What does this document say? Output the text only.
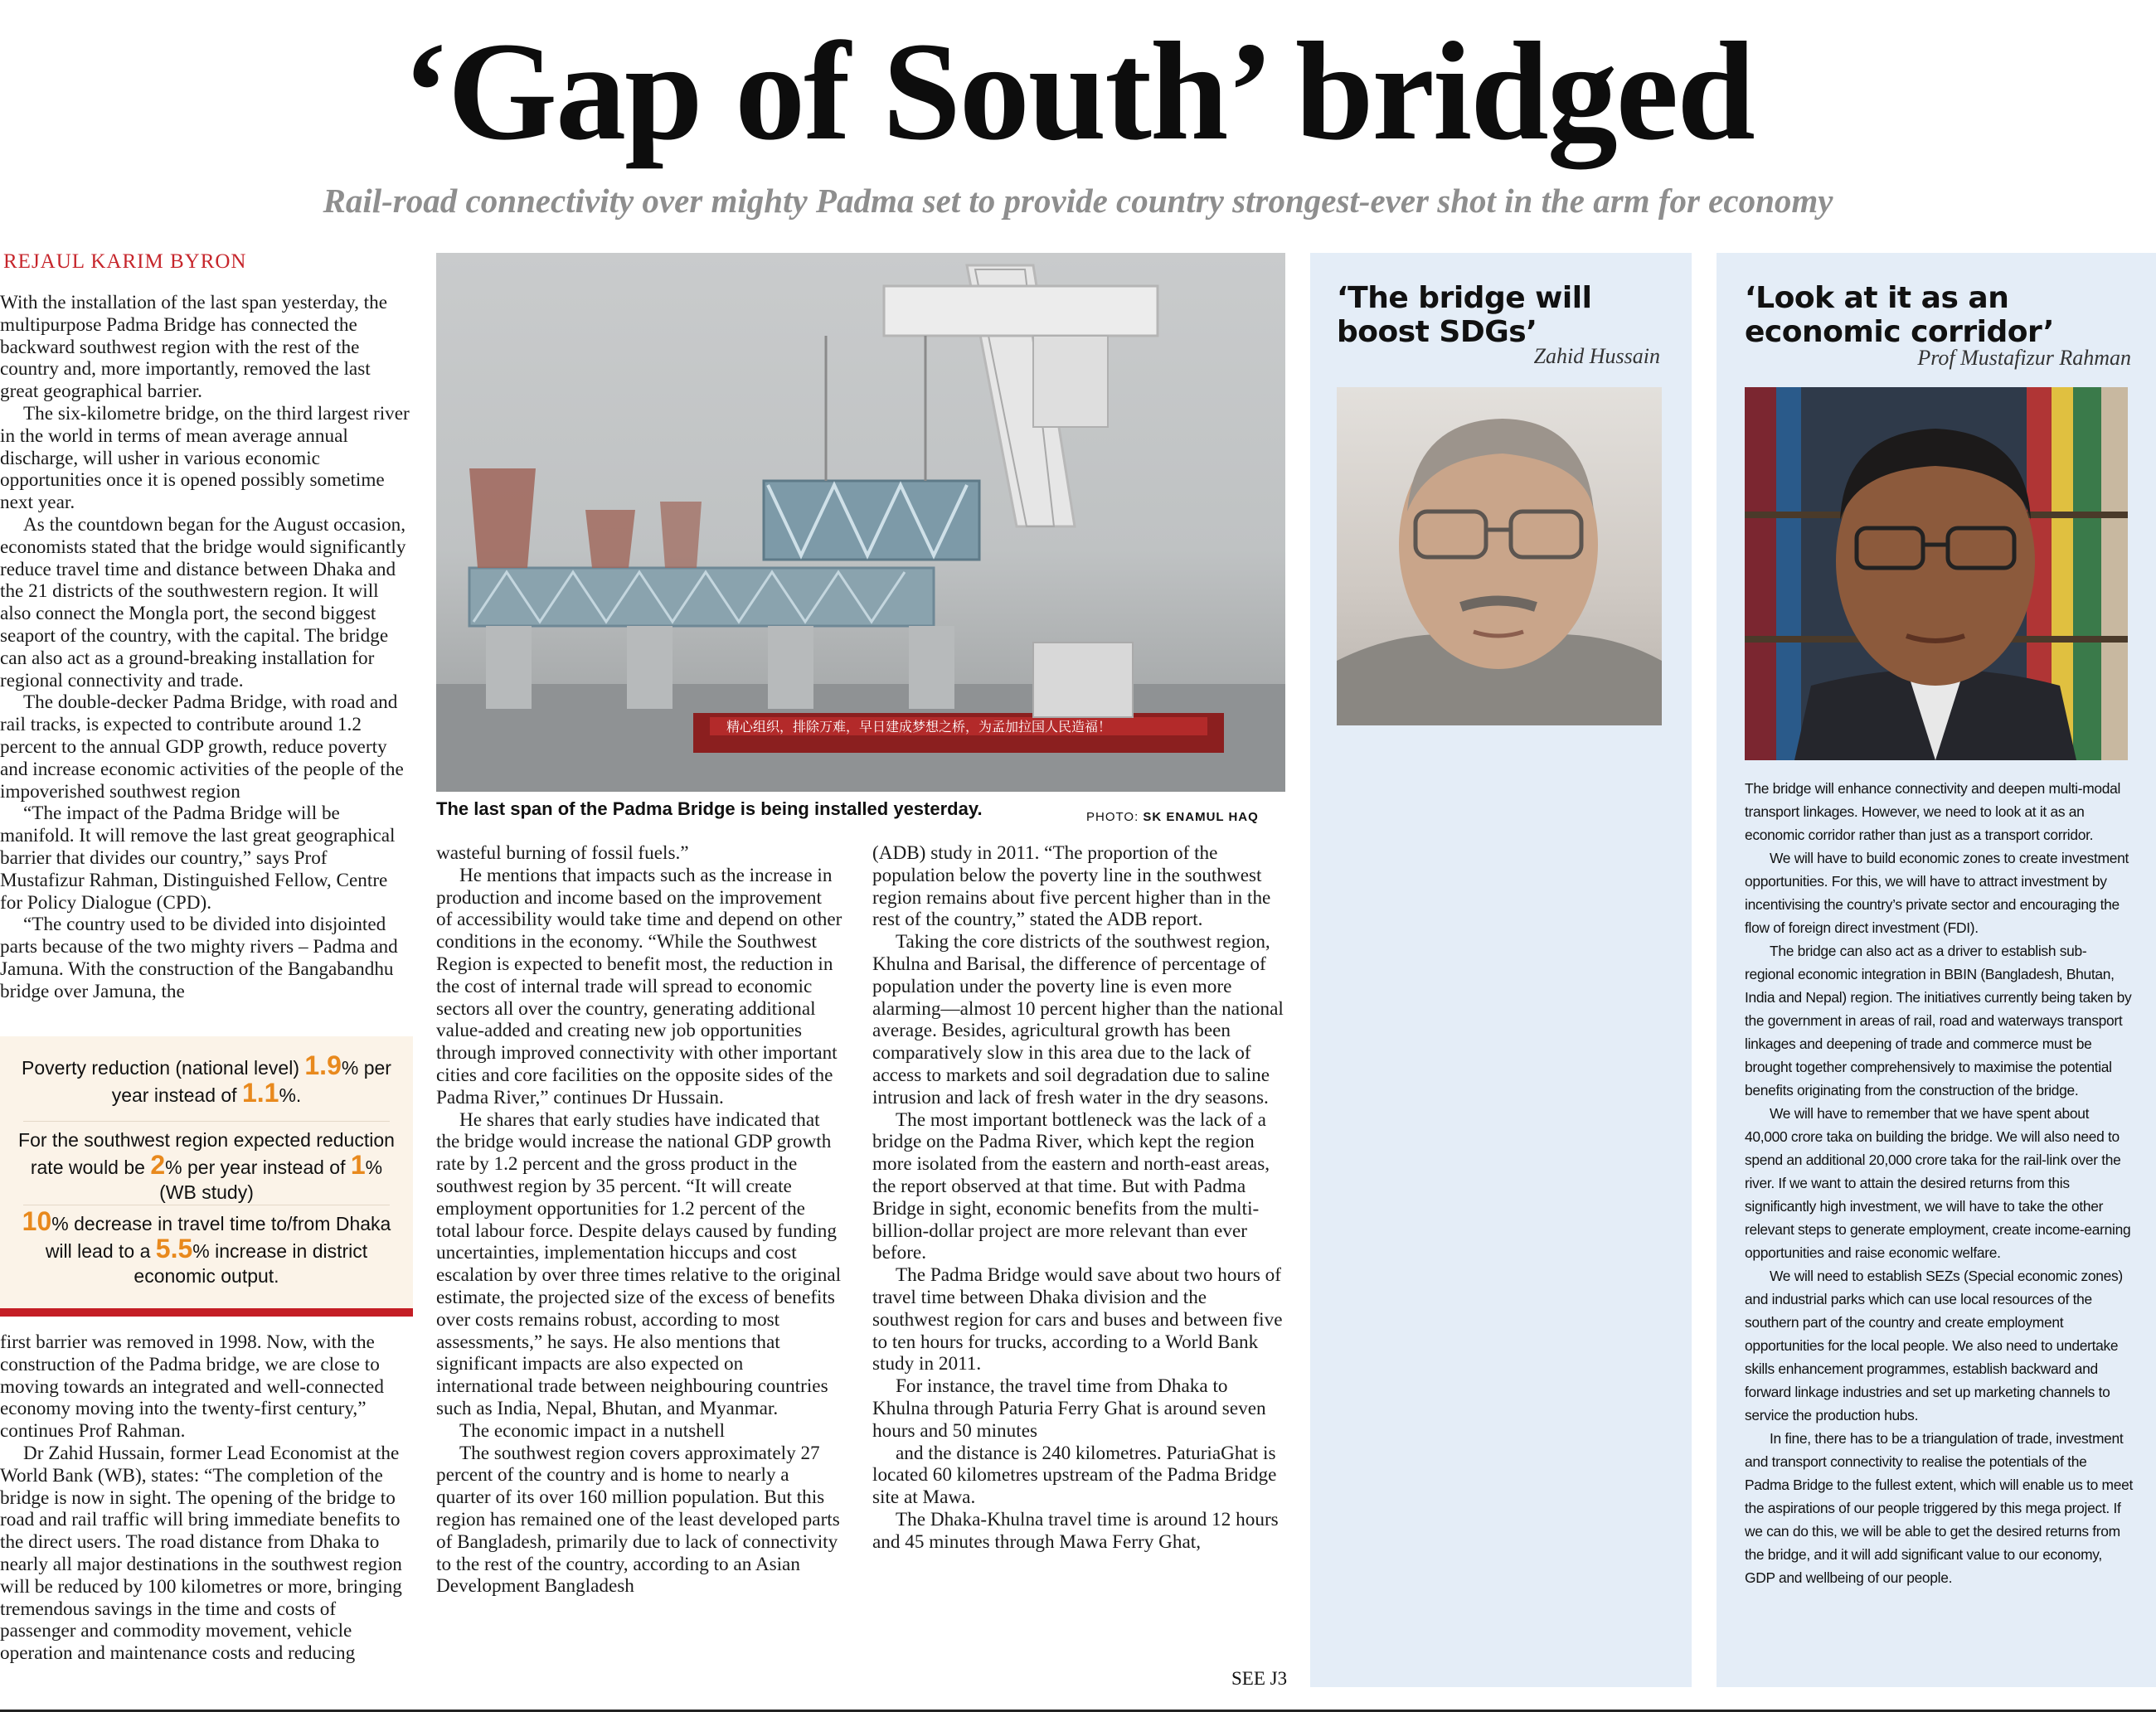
‘Gap of South’ bridged
Rail-road connectivity over mighty Padma set to provide country strongest-ever shot in the arm for economy
REJAUL KARIM BYRON

With the installation of the last span yesterday, the multipurpose Padma Bridge has connected the backward southwest region with the rest of the country and, more importantly, removed the last great geographical barrier.

The six-kilometre bridge, on the third largest river in the world in terms of mean average annual discharge, will usher in various economic opportunities once it is opened possibly sometime next year.

As the countdown began for the August occasion, economists stated that the bridge would significantly reduce travel time and distance between Dhaka and the 21 districts of the southwestern region. It will also connect the Mongla port, the second biggest seaport of the country, with the capital. The bridge can also act as a ground-breaking installation for regional connectivity and trade.

The double-decker Padma Bridge, with road and rail tracks, is expected to contribute around 1.2 percent to the annual GDP growth, reduce poverty and increase economic activities of the people of the impoverished southwest region

“The impact of the Padma Bridge will be manifold. It will remove the last great geographical barrier that divides our country,” says Prof Mustafizur Rahman, Distinguished Fellow, Centre for Policy Dialogue (CPD).

“The country used to be divided into disjointed parts because of the two mighty rivers – Padma and Jamuna. With the construction of the Bangabandhu bridge over Jamuna, the

Poverty reduction (national level) 1.9% per year instead of 1.1%.
For the southwest region expected reduction rate would be 2% per year instead of 1% (WB study)
10% decrease in travel time to/from Dhaka will lead to a 5.5% increase in district economic output.

first barrier was removed in 1998. Now, with the construction of the Padma bridge, we are close to moving towards an integrated and well-connected economy moving into the twenty-first century,” continues Prof Rahman.

Dr Zahid Hussain, former Lead Economist at the World Bank (WB), states: “The completion of the bridge is now in sight. The opening of the bridge to road and rail traffic will bring immediate benefits to the direct users. The road distance from Dhaka to nearly all major destinations in the southwest region will be reduced by 100 kilometres or more, bringing tremendous savings in the time and costs of passenger and commodity movement, vehicle operation and maintenance costs and reducing

精心组织，排除万难，早日建成梦想之桥，为孟加拉国人民造福！
The last span of the Padma Bridge is being installed yesterday.	PHOTO: SK ENAMUL HAQ

wasteful burning of fossil fuels.”

He mentions that impacts such as the increase in production and income based on the improvement of accessibility would take time and depend on other conditions in the economy. “While the Southwest Region is expected to benefit most, the reduction in the cost of internal trade will spread to economic sectors all over the country, generating additional value-added and creating new job opportunities through improved connectivity with other important cities and core facilities on the opposite sides of the Padma River,” continues Dr Hussain.

He shares that early studies have indicated that the bridge would increase the national GDP growth rate by 1.2 percent and the gross product in the southwest region by 35 percent. “It will create employment opportunities for 1.2 percent of the total labour force. Despite delays caused by funding uncertainties, implementation hiccups and cost escalation by over three times relative to the original estimate, the projected size of the excess of benefits over costs remains robust, according to most assessments,” he says. He also mentions that significant impacts are also expected on international trade between neighbouring countries such as India, Nepal, Bhutan, and Myanmar.

The economic impact in a nutshell

The southwest region covers approximately 27 percent of the country and is home to nearly a quarter of its over 160 million population. But this region has remained one of the least developed parts of Bangladesh, primarily due to lack of connectivity to the rest of the country, according to an Asian Development Bangladesh

(ADB) study in 2011. “The proportion of the population below the poverty line in the southwest region remains about five percent higher than in the rest of the country,” stated the ADB report.

Taking the core districts of the southwest region, Khulna and Barisal, the difference of percentage of population under the poverty line is even more alarming—almost 10 percent higher than the national average. Besides, agricultural growth has been comparatively slow in this area due to the lack of access to markets and soil degradation due to saline intrusion and lack of fresh water in the dry seasons.

The most important bottleneck was the lack of a bridge on the Padma River, which kept the region more isolated from the eastern and north-east areas, the report observed at that time. But with Padma Bridge in sight, economic benefits from the multi-billion-dollar project are more relevant than ever before.

The Padma Bridge would save about two hours of travel time between Dhaka division and the southwest region for cars and buses and between five to ten hours for trucks, according to a World Bank study in 2011.

For instance, the travel time from Dhaka to Khulna through Paturia Ferry Ghat is around seven hours and 50 minutes

and the distance is 240 kilometres. PaturiaGhat is located 60 kilometres upstream of the Padma Bridge site at Mawa.

The Dhaka-Khulna travel time is around 12 hours and 45 minutes through Mawa Ferry Ghat,

SEE J3
‘The bridge will boost SDGs’
Zahid Hussain
‘Look at it as an economic corridor’
Prof Mustafizur Rahman

The bridge will enhance connectivity and deepen multi-modal transport linkages. However, we need to look at it as an economic corridor rather than just as a transport corridor.

We will have to build economic zones to create investment opportunities. For this, we will have to attract investment by incentivising the country’s private sector and encouraging the flow of foreign direct investment (FDI).

The bridge can also act as a driver to establish sub-regional economic integration in BBIN (Bangladesh, Bhutan, India and Nepal) region. The initiatives currently being taken by the government in areas of rail, road and waterways transport linkages and deepening of trade and commerce must be brought together comprehensively to maximise the potential benefits originating from the construction of the bridge.

We will have to remember that we have spent about 40,000 crore taka on building the bridge. We will also need to spend an additional 20,000 crore taka for the rail-link over the river. If we want to attain the desired returns from this significantly high investment, we will have to take the other relevant steps to generate employment, create income-earning opportunities and raise economic welfare.

We will need to establish SEZs (Special economic zones) and industrial parks which can use local resources of the southern part of the country and create employment opportunities for the local people. We also need to undertake skills enhancement programmes, establish backward and forward linkage industries and set up marketing channels to service the production hubs.

In fine, there has to be a triangulation of trade, investment and transport connectivity to realise the potentials of the Padma Bridge to the fullest extent, which will enable us to meet the aspirations of our people triggered by this mega project. If we can do this, we will be able to get the desired returns from the bridge, and it will add significant value to our economy, GDP and wellbeing of our people.
